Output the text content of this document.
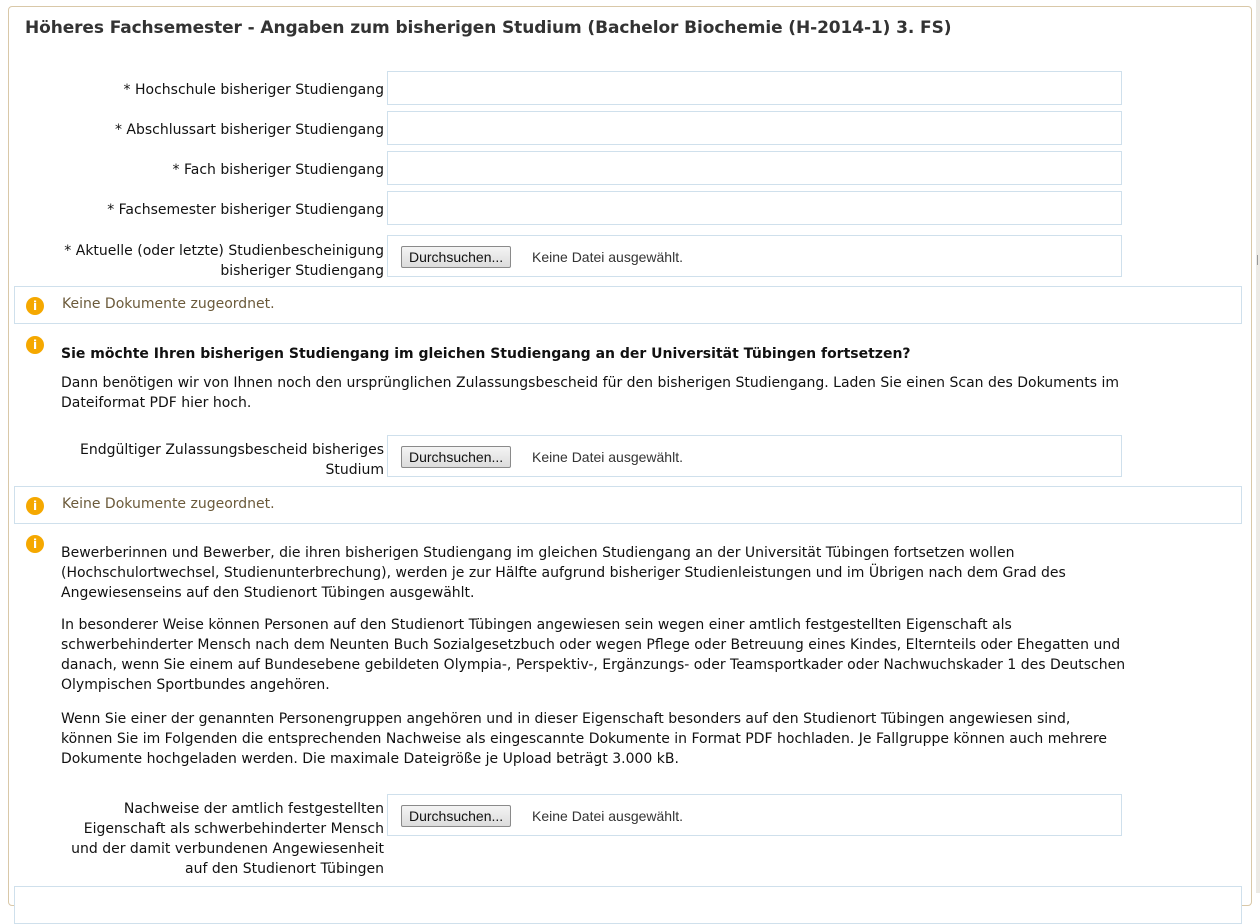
Höheres Fachsemester - Angaben zum bisherigen Studium (Bachelor Biochemie (H-2014-1) 3. FS)
* Hochschule bisheriger Studiengang
* Abschlussart bisheriger Studiengang
* Fach bisheriger Studiengang
* Fachsemester bisheriger Studiengang
* Aktuelle (oder letzte) Studienbescheinigung
bisheriger Studiengang
Durchsuchen...	Keine Datei ausgewählt.
i	Keine Dokumente zugeordnet.
i
Sie möchte Ihren bisherigen Studiengang im gleichen Studiengang an der Universität Tübingen fortsetzen?
Dann benötigen wir von Ihnen noch den ursprünglichen Zulassungsbescheid für den bisherigen Studiengang. Laden Sie einen Scan des Dokuments im
Dateiformat PDF hier hoch.
Endgültiger Zulassungsbescheid bisheriges
Studium
Durchsuchen...	Keine Datei ausgewählt.
i	Keine Dokumente zugeordnet.
i
Bewerberinnen und Bewerber, die ihren bisherigen Studiengang im gleichen Studiengang an der Universität Tübingen fortsetzen wollen
(Hochschulortwechsel, Studienunterbrechung), werden je zur Hälfte aufgrund bisheriger Studienleistungen und im Übrigen nach dem Grad des
Angewiesenseins auf den Studienort Tübingen ausgewählt.
In besonderer Weise können Personen auf den Studienort Tübingen angewiesen sein wegen einer amtlich festgestellten Eigenschaft als
schwerbehinderter Mensch nach dem Neunten Buch Sozialgesetzbuch oder wegen Pflege oder Betreuung eines Kindes, Elternteils oder Ehegatten und
danach, wenn Sie einem auf Bundesebene gebildeten Olympia-, Perspektiv-, Ergänzungs- oder Teamsportkader oder Nachwuchskader 1 des Deutschen
Olympischen Sportbundes angehören.
Wenn Sie einer der genannten Personengruppen angehören und in dieser Eigenschaft besonders auf den Studienort Tübingen angewiesen sind,
können Sie im Folgenden die entsprechenden Nachweise als eingescannte Dokumente in Format PDF hochladen. Je Fallgruppe können auch mehrere
Dokumente hochgeladen werden. Die maximale Dateigröße je Upload beträgt 3.000 kB.
Nachweise der amtlich festgestellten
Eigenschaft als schwerbehinderter Mensch
und der damit verbundenen Angewiesenheit
auf den Studienort Tübingen
Durchsuchen...	Keine Datei ausgewählt.
